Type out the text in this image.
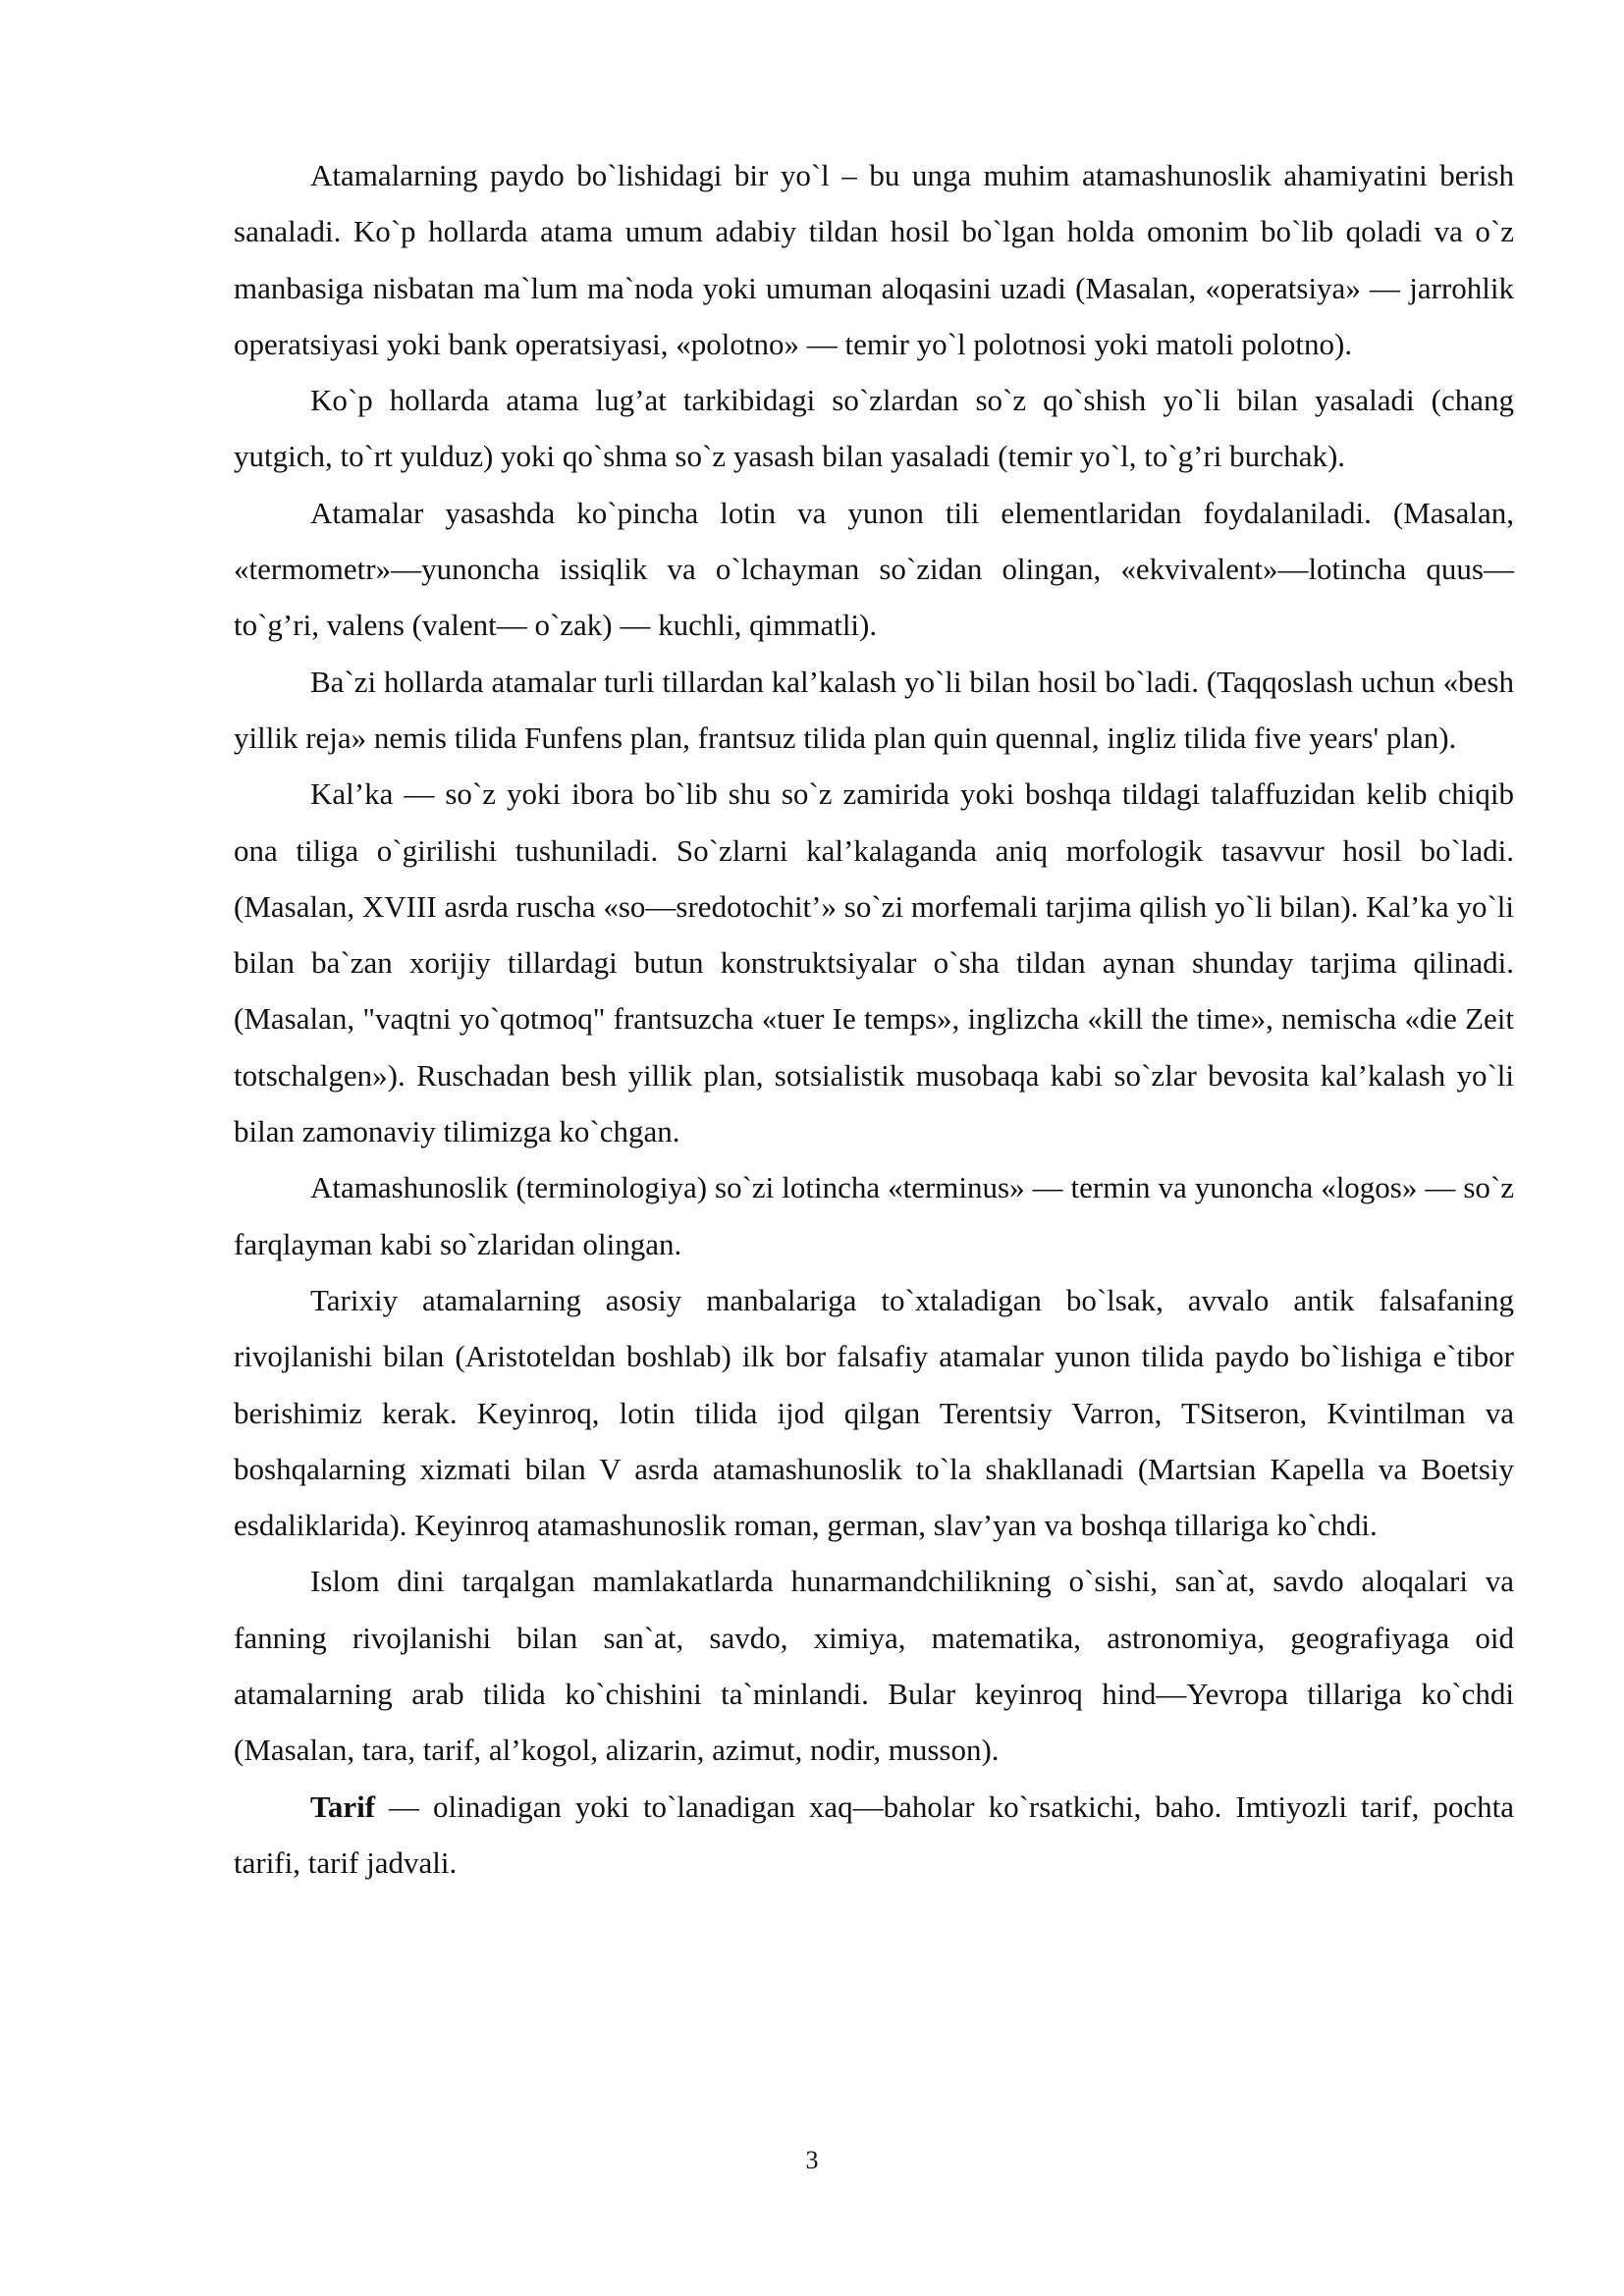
Atamalarning paydo bo`lishidagi bir yo`l – bu unga muhim atamashunoslik ahamiyatini berish sanaladi. Ko`p hollarda atama umum adabiy tildan hosil bo`lgan holda omonim bo`lib qoladi va o`z manbasiga nisbatan ma`lum ma`noda yoki umuman aloqasini uzadi (Masalan, «operatsiya» — jarrohlik operatsiyasi yoki bank operatsiyasi, «polotno» — temir yo`l polotnosi yoki matoli polotno).

Ko`p hollarda atama lug’at tarkibidagi so`zlardan so`z qo`shish yo`li bilan yasaladi (chang yutgich, to`rt yulduz) yoki qo`shma so`z yasash bilan yasaladi (temir yo`l, to`g’ri burchak).

Atamalar yasashda ko`pincha lotin va yunon tili elementlaridan foydalaniladi. (Masalan, «termometr»—yunoncha issiqlik va o`lchayman so`zidan olingan, «ekvivalent»—lotincha quus—to`g’ri, valens (valent— o`zak) — kuchli, qimmatli).

Ba`zi hollarda atamalar turli tillardan kal’kalash yo`li bilan hosil bo`ladi. (Taqqoslash uchun «besh yillik reja» nemis tilida Funfens plan, frantsuz tilida plan quin quennal, ingliz tilida five years' plan).

Kal’ka — so`z yoki ibora bo`lib shu so`z zamirida yoki boshqa tildagi talaffuzidan kelib chiqib ona tiliga o`girilishi tushuniladi. So`zlarni kal’kalaganda aniq morfologik tasavvur hosil bo`ladi. (Masalan, XVIII asrda ruscha «so—sredotochit’» so`zi morfemali tarjima qilish yo`li bilan). Kal’ka yo`li bilan ba`zan xorijiy tillardagi butun konstruktsiyalar o`sha tildan aynan shunday tarjima qilinadi. (Masalan, "vaqtni yo`qotmoq" frantsuzcha «tuer Ie temps», inglizcha «kill the time», nemischa «die Zeit totschalgen»). Ruschadan besh yillik plan, sotsialistik musobaqa kabi so`zlar bevosita kal’kalash yo`li bilan zamonaviy tilimizga ko`chgan.

Atamashunoslik (terminologiya) so`zi lotincha «terminus» — termin va yunoncha «logos» — so`z farqlayman kabi so`zlaridan olingan.

Tarixiy atamalarning asosiy manbalariga to`xtaladigan bo`lsak, avvalo antik falsafaning rivojlanishi bilan (Aristoteldan boshlab) ilk bor falsafiy atamalar yunon tilida paydo bo`lishiga e`tibor berishimiz kerak. Keyinroq, lotin tilida ijod qilgan Terentsiy Varron, TSitseron, Kvintilman va boshqalarning xizmati bilan V asrda atamashunoslik to`la shakllanadi (Martsian Kapella va Boetsiy esdaliklarida). Keyinroq atamashunoslik roman, german, slav’yan va boshqa tillariga ko`chdi.

Islom dini tarqalgan mamlakatlarda hunarmandchilikning o`sishi, san`at, savdo aloqalari va fanning rivojlanishi bilan san`at, savdo, ximiya, matematika, astronomiya, geografiyaga oid atamalarning arab tilida ko`chishini ta`minlandi. Bular keyinroq hind—Yevropa tillariga ko`chdi (Masalan, tara, tarif, al’kogol, alizarin, azimut, nodir, musson).

Tarif — olinadigan yoki to`lanadigan xaq—baholar ko`rsatkichi, baho. Imtiyozli tarif, pochta tarifi, tarif jadvali.

3
